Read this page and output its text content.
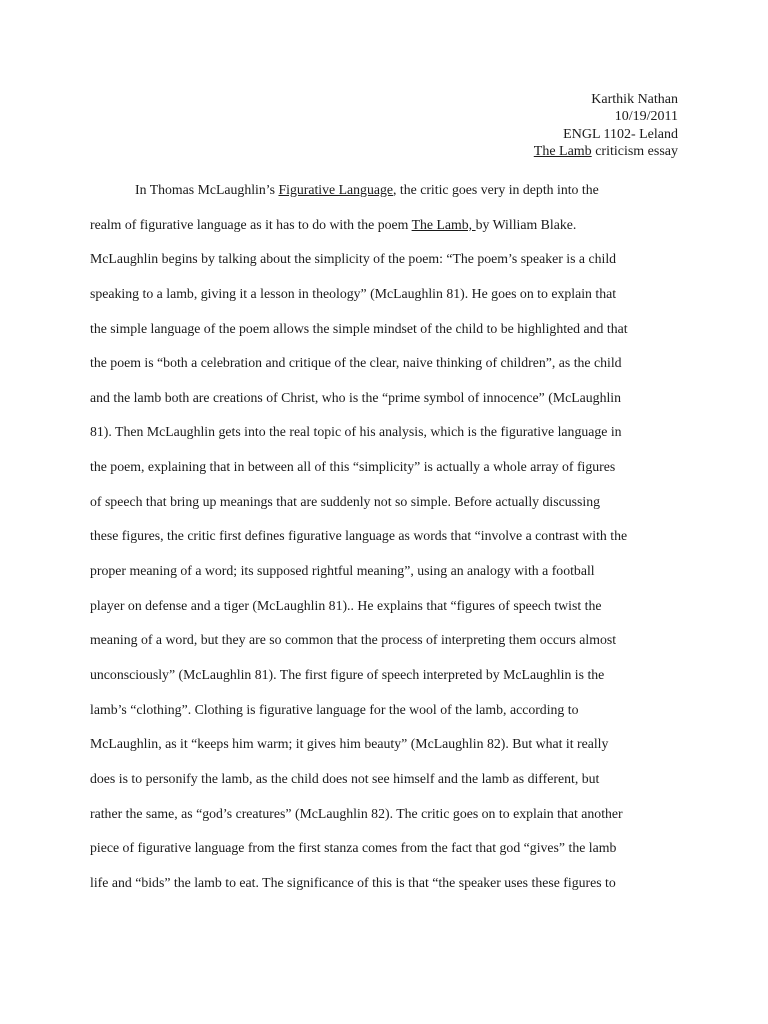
Karthik Nathan
10/19/2011
ENGL 1102- Leland
The Lamb criticism essay
In Thomas McLaughlin’s Figurative Language, the critic goes very in depth into the
realm of figurative language as it has to do with the poem The Lamb, by William Blake.
McLaughlin begins by talking about the simplicity of the poem: “The poem’s speaker is a child
speaking to a lamb, giving it a lesson in theology” (McLaughlin 81). He goes on to explain that
the simple language of the poem allows the simple mindset of the child to be highlighted and that
the poem is “both a celebration and critique of the clear, naive thinking of children”, as the child
and the lamb both are creations of Christ, who is the “prime symbol of innocence” (McLaughlin
81). Then McLaughlin gets into the real topic of his analysis, which is the figurative language in
the poem, explaining that in between all of this “simplicity” is actually a whole array of figures
of speech that bring up meanings that are suddenly not so simple. Before actually discussing
these figures, the critic first defines figurative language as words that “involve a contrast with the
proper meaning of a word; its supposed rightful meaning”, using an analogy with a football
player on defense and a tiger (McLaughlin 81).. He explains that “figures of speech twist the
meaning of a word, but they are so common that the process of interpreting them occurs almost
unconsciously” (McLaughlin 81). The first figure of speech interpreted by McLaughlin is the
lamb’s “clothing”. Clothing is figurative language for the wool of the lamb, according to
McLaughlin, as it “keeps him warm; it gives him beauty” (McLaughlin 82). But what it really
does is to personify the lamb, as the child does not see himself and the lamb as different, but
rather the same, as “god’s creatures” (McLaughlin 82). The critic goes on to explain that another
piece of figurative language from the first stanza comes from the fact that god “gives” the lamb
life and “bids” the lamb to eat. The significance of this is that “the speaker uses these figures to
